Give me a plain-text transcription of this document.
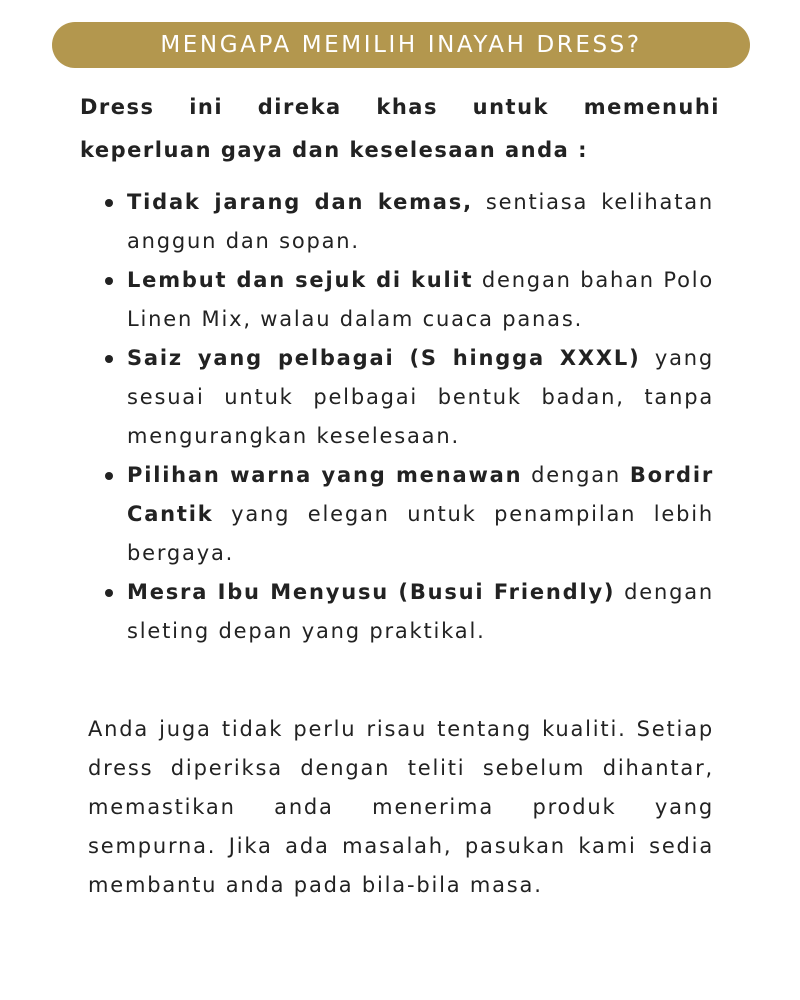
MENGAPA MEMILIH INAYAH DRESS?

Dress ini direka khas untuk memenuhi keperluan gaya dan keselesaan anda :

Tidak jarang dan kemas, sentiasa kelihatan anggun dan sopan.
Lembut dan sejuk di kulit dengan bahan Polo Linen Mix, walau dalam cuaca panas.
Saiz yang pelbagai (S hingga XXXL) yang sesuai untuk pelbagai bentuk badan, tanpa mengurangkan keselesaan.
Pilihan warna yang menawan dengan Bordir Cantik yang elegan untuk penampilan lebih bergaya.
Mesra Ibu Menyusu (Busui Friendly) dengan sleting depan yang praktikal.

Anda juga tidak perlu risau tentang kualiti. Setiap dress diperiksa dengan teliti sebelum dihantar, memastikan anda menerima produk yang sempurna. Jika ada masalah, pasukan kami sedia membantu anda pada bila-bila masa.
